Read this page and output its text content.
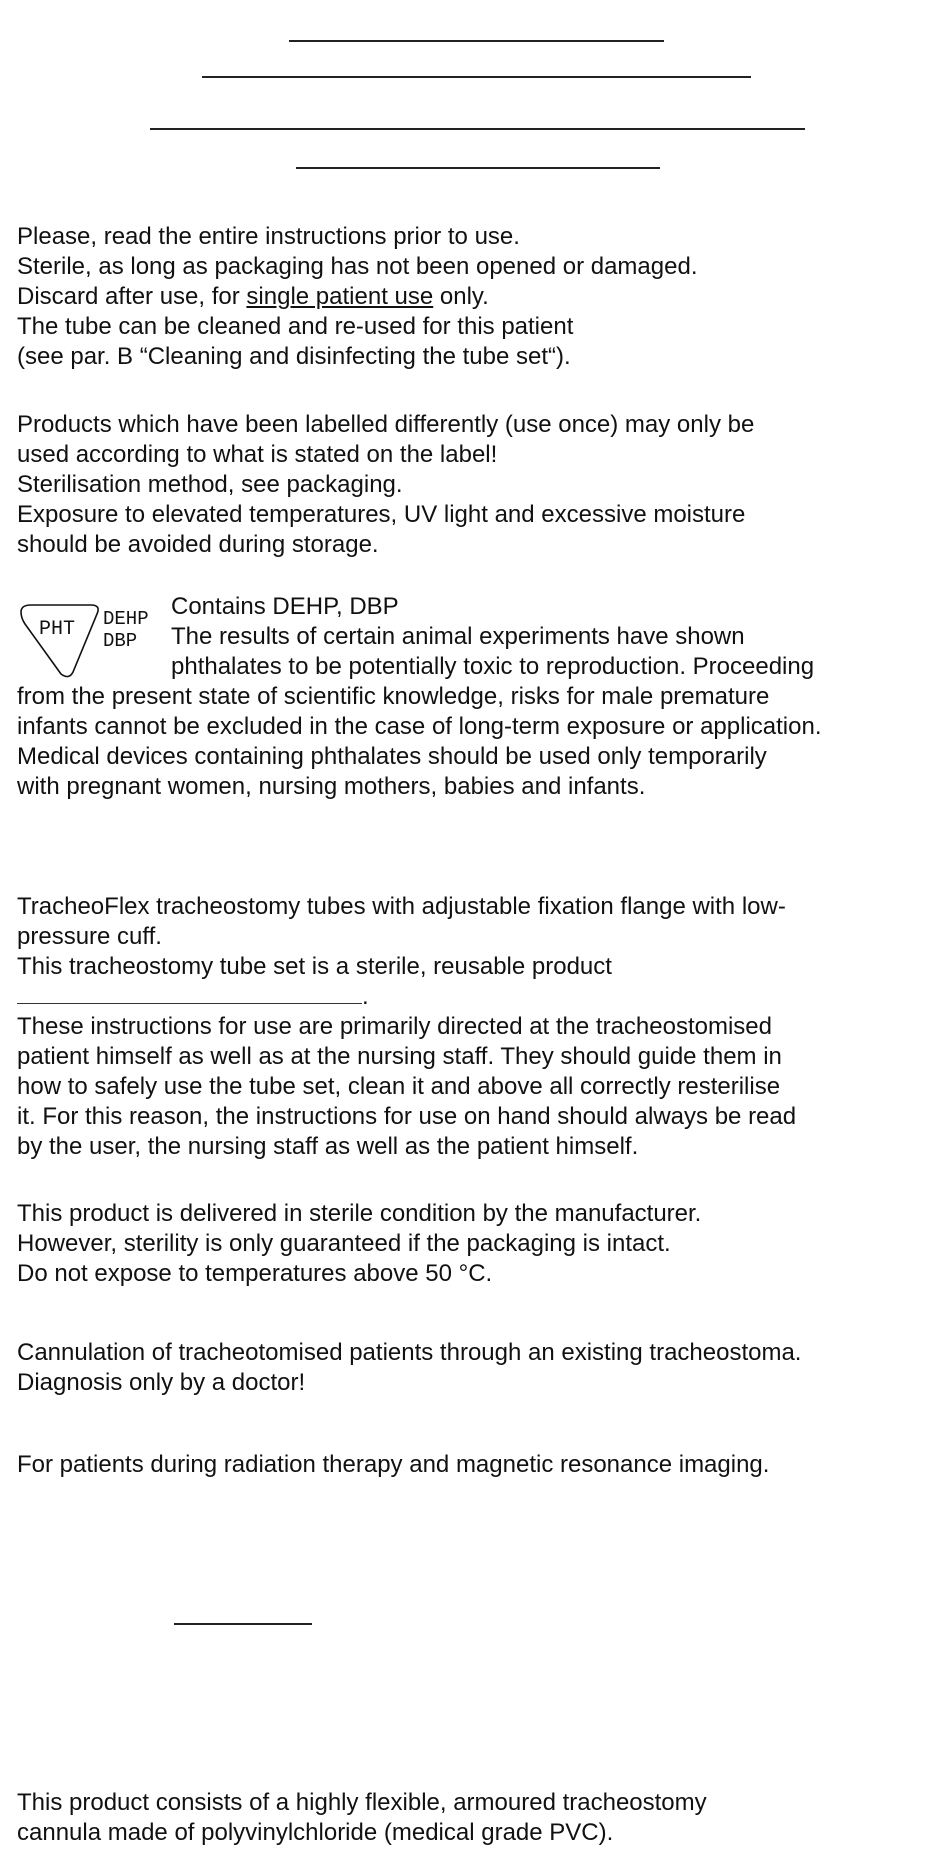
Please, read the entire instructions prior to use.
Sterile, as long as packaging has not been opened or damaged.
Discard after use, for single patient use only.
The tube can be cleaned and re-used for this patient
(see par. B “Cleaning and disinfecting the tube set“).
Products which have been labelled differently (use once) may only be
used according to what is stated on the label!
Sterilisation method, see packaging.
Exposure to elevated temperatures, UV light and excessive moisture
should be avoided during storage.
PHT DEHP
DBP
Contains DEHP, DBP
The results of certain animal experiments have shown
phthalates to be potentially toxic to reproduction. Proceeding
from the present state of scientific knowledge, risks for male premature
infants cannot be excluded in the case of long-term exposure or application.
Medical devices containing phthalates should be used only temporarily
with pregnant women, nursing mothers, babies and infants.
TracheoFlex tracheostomy tubes with adjustable fixation flange with low-
pressure cuff.
This tracheostomy tube set is a sterile, reusable product
.
These instructions for use are primarily directed at the tracheostomised
patient himself as well as at the nursing staff. They should guide them in
how to safely use the tube set, clean it and above all correctly resterilise
it. For this reason, the instructions for use on hand should always be read
by the user, the nursing staff as well as the patient himself.
This product is delivered in sterile condition by the manufacturer.
However, sterility is only guaranteed if the packaging is intact.
Do not expose to temperatures above 50 °C.
Cannulation of tracheotomised patients through an existing tracheostoma.
Diagnosis only by a doctor!
For patients during radiation therapy and magnetic resonance imaging.
This product consists of a highly flexible, armoured tracheostomy
cannula made of polyvinylchloride (medical grade PVC).
